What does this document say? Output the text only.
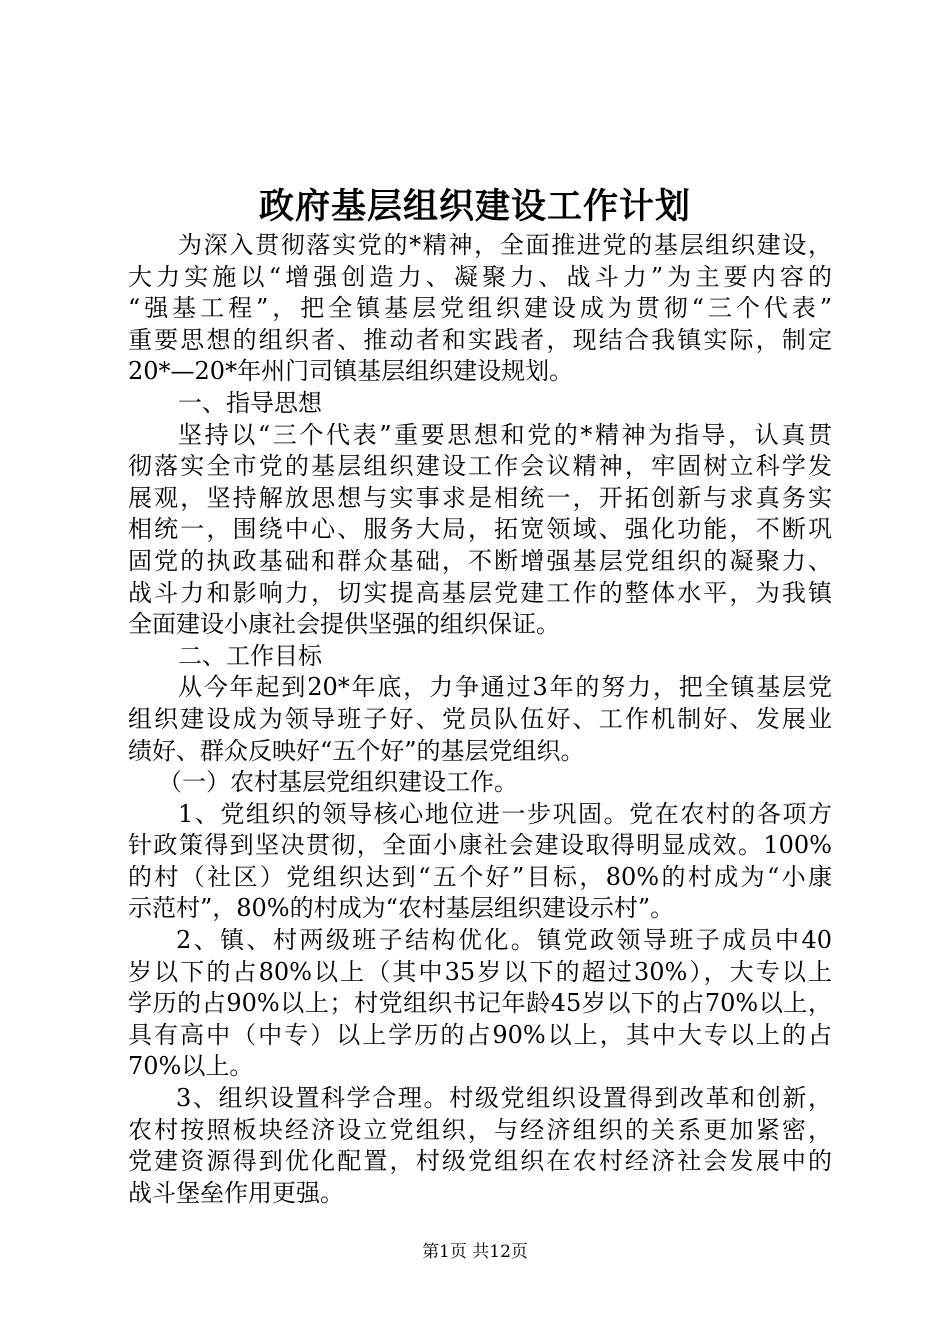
政府基层组织建设工作计划
为深入贯彻落实党的*精神，全面推进党的基层组织建设，
大力实施以“增强创造力、凝聚力、战斗力”为主要内容的
“强基工程”，把全镇基层党组织建设成为贯彻“三个代表”
重要思想的组织者、推动者和实践者，现结合我镇实际，制定
20*—20*年州门司镇基层组织建设规划。
一、指导思想
坚持以“三个代表”重要思想和党的*精神为指导，认真贯
彻落实全市党的基层组织建设工作会议精神，牢固树立科学发
展观，坚持解放思想与实事求是相统一，开拓创新与求真务实
相统一，围绕中心、服务大局，拓宽领域、强化功能，不断巩
固党的执政基础和群众基础，不断增强基层党组织的凝聚力、
战斗力和影响力，切实提高基层党建工作的整体水平，为我镇
全面建设小康社会提供坚强的组织保证。
二、工作目标
从今年起到20*年底，力争通过3年的努力，把全镇基层党
组织建设成为领导班子好、党员队伍好、工作机制好、发展业
绩好、群众反映好“五个好”的基层党组织。
（一）农村基层党组织建设工作。
1、党组织的领导核心地位进一步巩固。党在农村的各项方
针政策得到坚决贯彻，全面小康社会建设取得明显成效。100%
的村（社区）党组织达到“五个好”目标，80%的村成为“小康
示范村”，80%的村成为“农村基层组织建设示村”。
2、镇、村两级班子结构优化。镇党政领导班子成员中40
岁以下的占80%以上（其中35岁以下的超过30%），大专以上
学历的占90%以上；村党组织书记年龄45岁以下的占70%以上，
具有高中（中专）以上学历的占90%以上，其中大专以上的占
70%以上。
3、组织设置科学合理。村级党组织设置得到改革和创新，
农村按照板块经济设立党组织，与经济组织的关系更加紧密，
党建资源得到优化配置，村级党组织在农村经济社会发展中的
战斗堡垒作用更强。
第1页 共12页
